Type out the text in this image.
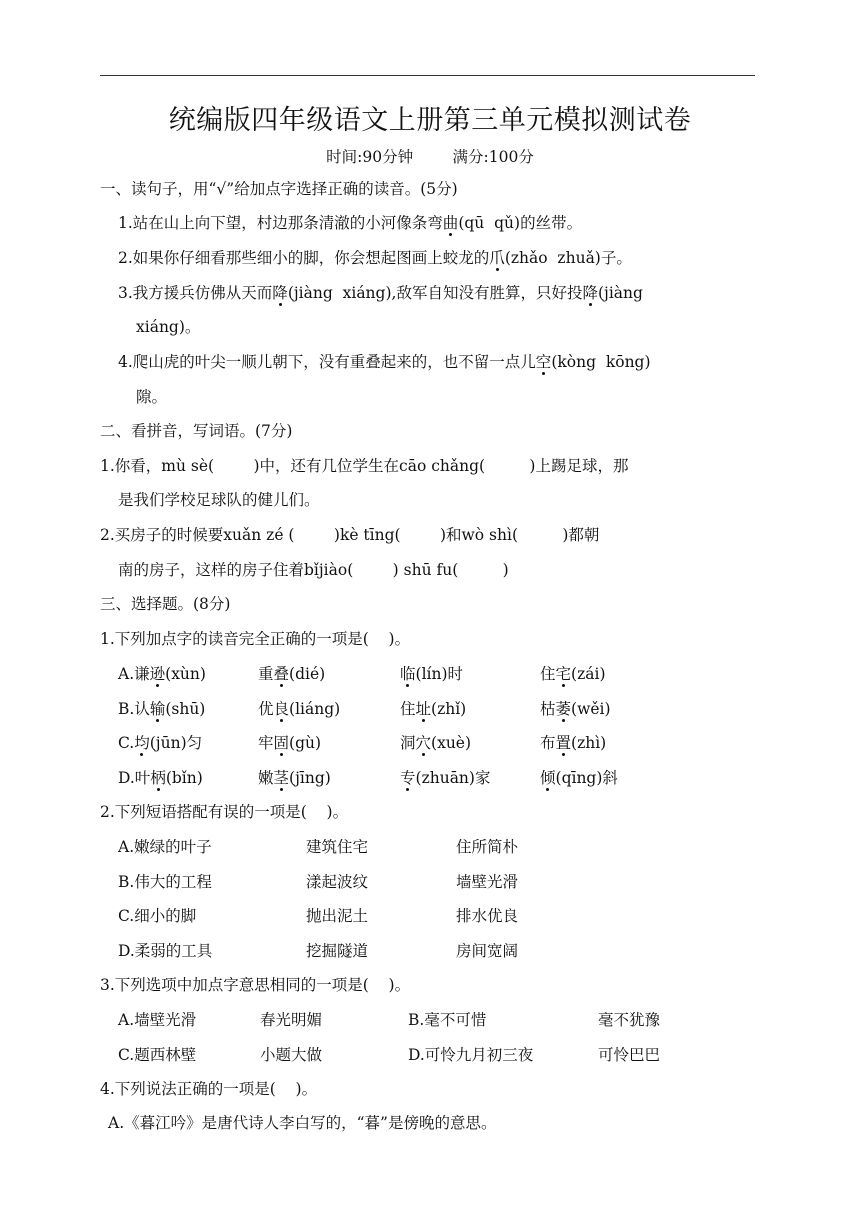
统编版四年级语文上册第三单元模拟测试卷
时间:90分钟        满分:100分
一、读句子，用“√”给加点字选择正确的读音。(5分)
1.站在山上向下望，村边那条清澈的小河像条弯曲(qū  qǔ)的丝带。
2.如果你仔细看那些细小的脚，你会想起图画上蛟龙的爪(zhǎo  zhuǎ)子。
3.我方援兵仿佛从天而降(jiàng  xiáng),敌军自知没有胜算，只好投降(jiàng
xiáng)。
4.爬山虎的叶尖一顺儿朝下，没有重叠起来的，也不留一点儿空(kòng  kōng)
隙。
二、看拼音，写词语。(7分)
1.你看，mù sè(        )中，还有几位学生在cāo chǎng(         )上踢足球，那
是我们学校足球队的健儿们。
2.买房子的时候要xuǎn zé (        )kè tīng(        )和wò shì(         )都朝
南的房子，这样的房子住着bǐjiào(        ) shū fu(         )
三、选择题。(8分)
1.下列加点字的读音完全正确的一项是(    )。
A.谦逊(xùn)	重叠(dié)	临(lín)时	住宅(zái)
B.认输(shū)	优良(liáng)	住址(zhǐ)	枯萎(wěi)
C.均(jūn)匀	牢固(gù)	洞穴(xuè)	布置(zhì)
D.叶柄(bǐn)	嫩茎(jīng)	专(zhuān)家	倾(qīng)斜
2.下列短语搭配有误的一项是(    )。
A.嫩绿的叶子	建筑住宅	住所简朴
B.伟大的工程	漾起波纹	墙壁光滑
C.细小的脚	抛出泥土	排水优良
D.柔弱的工具	挖掘隧道	房间宽阔
3.下列选项中加点字意思相同的一项是(    )。
A.墙壁光滑	春光明媚	B.毫不可惜	毫不犹豫
C.题西林壁	小题大做	D.可怜九月初三夜	可怜巴巴
4.下列说法正确的一项是(    )。
A.《暮江吟》是唐代诗人李白写的，“暮”是傍晚的意思。
